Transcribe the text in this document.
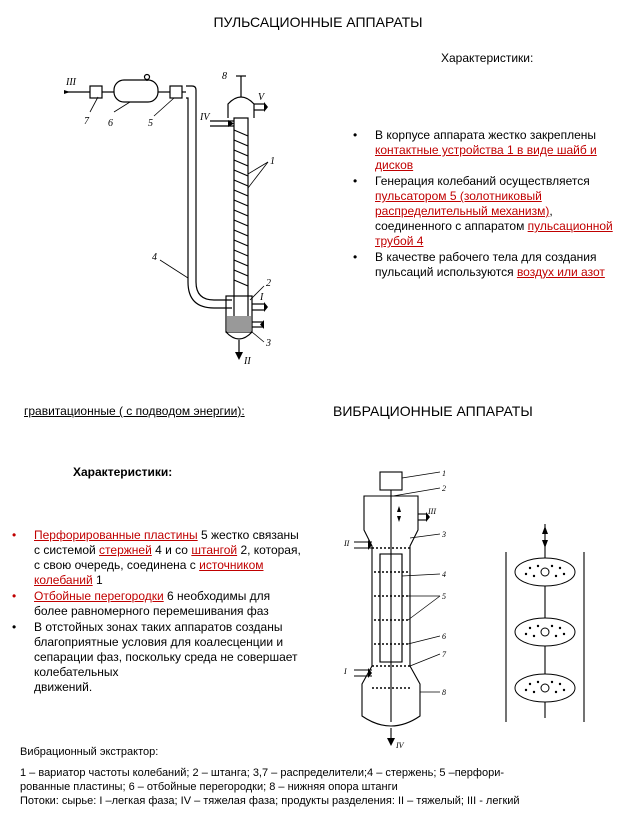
ПУЛЬСАЦИОННЫЕ АППАРАТЫ
Характеристики:
III
7 6	5
8
IV
V
1
4
2
I
3
II
• В корпусе аппарата жестко закреплены контактные устройства 1 в виде шайб и дисков
• Генерация колебаний осуществляется пульсатором 5 (золотниковый распределительный механизм), соединенного с аппаратом пульсационной трубой 4
• В качестве рабочего тела для создания пульсаций используются воздух или азот
гравитационные ( с подводом энергии):	ВИБРАЦИОННЫЕ АППАРАТЫ
Характеристики:
• Перфорированные пластины 5 жестко связаны с системой стержней 4 и со штангой 2, которая, с свою очередь, соединена с источником колебаний 1
• Отбойные перегородки 6 необходимы для более равномерного перемешивания фаз
• В отстойных зонах таких аппаратов созданы благоприятные условия для коалесценции и сепарации фаз, поскольку среда не совершает
колебательных
движений.
1
2
III
3
II
4
5
6
7
I
8
IV
Вибрационный экстрактор:
1 – вариатор частоты колебаний; 2 – штанга; 3,7 – распределители;4 – стержень; 5 –перфори-
рованные пластины; 6 – отбойные перегородки; 8 – нижняя опора штанги
Потоки: сырье: I –легкая фаза; IV – тяжелая фаза; продукты разделения: II – тяжелый; III - легкий
